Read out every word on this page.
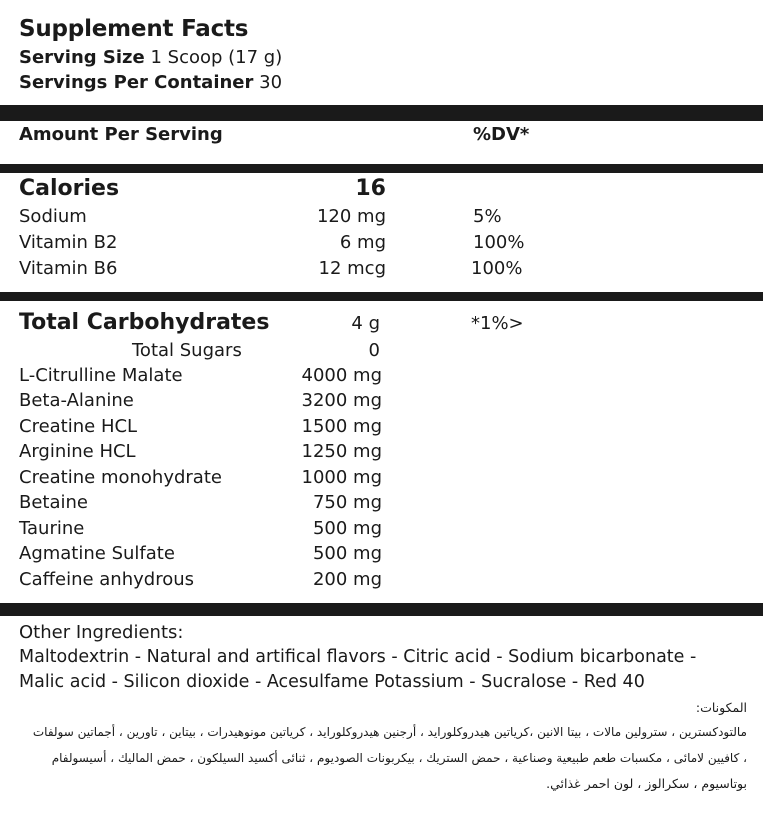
Supplement Facts
Serving Size 1 Scoop (17 g)
Servings Per Container 30
Amount Per Serving	%DV*
Calories	16
Sodium	120 mg	5%
Vitamin B2	6 mg	100%
Vitamin B6	12 mcg	100%
Total Carbohydrates	4 g	*1%>
Total Sugars	0
L-Citrulline Malate	4000 mg
Beta-Alanine	3200 mg
Creatine HCL	1500 mg
Arginine HCL	1250 mg
Creatine monohydrate	1000 mg
Betaine	750 mg
Taurine	500 mg
Agmatine Sulfate	500 mg
Caffeine anhydrous	200 mg
Other Ingredients:
Maltodextrin - Natural and artifical flavors - Citric acid - Sodium bicarbonate -
Malic acid - Silicon dioxide - Acesulfame Potassium - Sucralose - Red 40
المكونات:
مالتودكسترين ، سترولين مالات ، بيتا الانين ،كرياتين هيدروكلورايد ، أرجنين هيدروكلورايد ، كرياتين مونوهيدرات ، بيتاين ، تاورين ، أجماتين سولفات
، كافيين لامائى ، مكسبات طعم طبيعية وصناعية ، حمض الستريك ، بيكربونات الصوديوم ، ثنائى أكسيد السيلكون ، حمض الماليك ، أسيسولفام
بوتاسيوم ، سكرالوز ، لون احمر غذائي.
